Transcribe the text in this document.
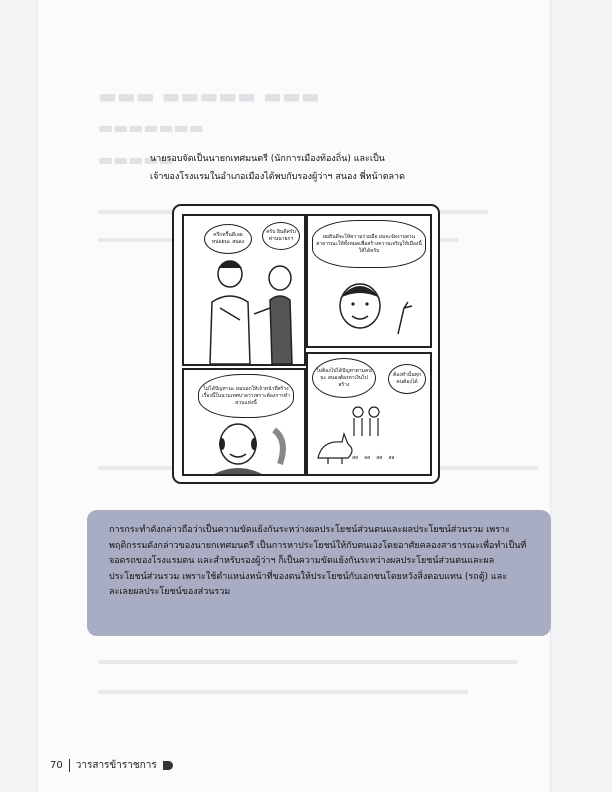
▬▬▬ ▬▬▬▬▬ ▬▬▬
▬▬▬▬▬▬▬
▬▬▬▬▬
นายรอบจัดเป็นนายกเทศมนตรี (นักการเมืองท้องถิ่น) และเป็น
เจ้าของโรงแรมในอำเภอเมืองได้พบกับรองผู้ว่าฯ สนอง พี่หน้าตลาด
ครึกครื้นดีเลย หน่อยนะ สนอง
ครับ ยินดีครับท่านนายกฯ	ผมยินดีจะให้ความร่วมมือ ผมจะจัดงานสวนสาธารณะให้ทั้งหมดเพื่อสร้างความเจริญให้เมืองนี้ให้ได้ครับ
ไม่ได้ปัญหานะ ผมบอกให้เจ้าหน้าที่สร้างเรื่องนี้ในนามเทศบาลว่าเพราะต้องการทำสวนแห่งนี้
ไม่ต้องไปได้ปัญหาตามคนนะ สนองต้องหาเงินไปสร้าง
ต้องทำนั้นทุกคนต้องได้
สส ลส สส สส

การกระทำดังกล่าวถือว่าเป็นความขัดแย้งกันระหว่างผลประโยชน์ส่วนตนและผลประโยชน์ส่วนรวม เพราะพฤติกรรมดังกล่าวของนายกเทศมนตรี เป็นการหาประโยชน์ให้กับตนเองโดยอาศัยคลองสาธารณะเพื่อทำเป็นที่จอดรถของโรงแรมตน และสำหรับรองผู้ว่าฯ ก็เป็นความขัดแย้งกันระหว่างผลประโยชน์ส่วนตนและผลประโยชน์ส่วนรวม เพราะใช้ตำแหน่งหน้าที่ของตนให้ประโยชน์กับเอกชนโดยหวังสิ่งตอบแทน (รถตู้) และละเลยผลประโยชน์ของส่วนรวม

70 วารสารข้าราชการ
